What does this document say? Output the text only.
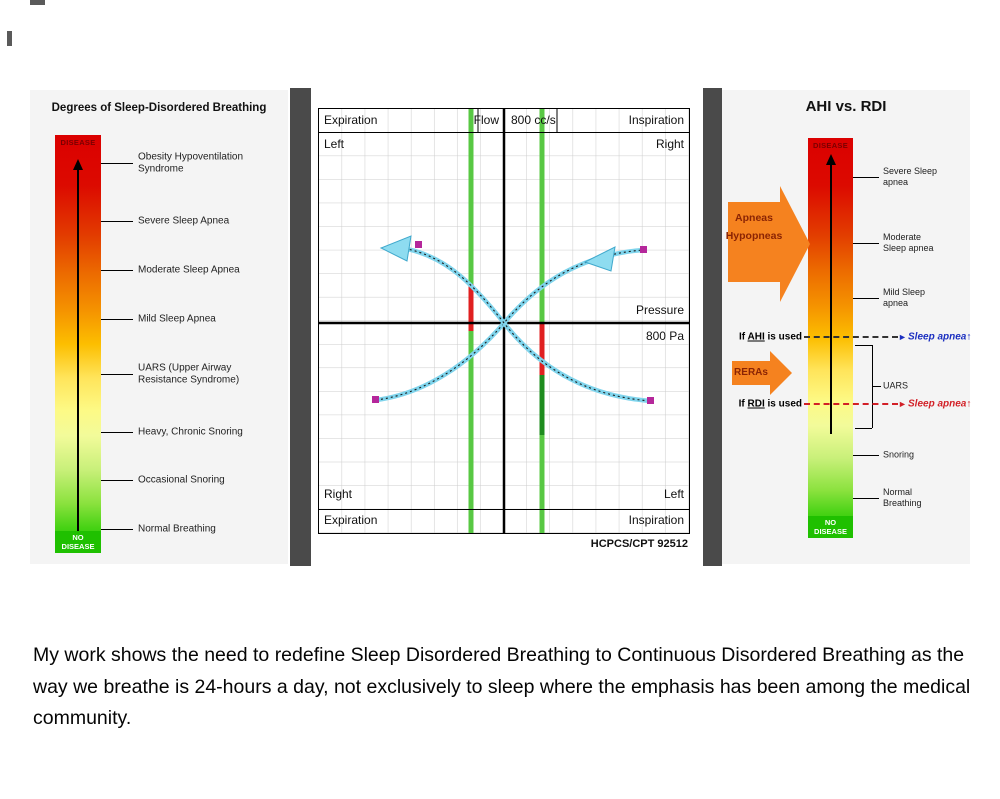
Degrees of Sleep-Disordered Breathing
DISEASE
NO DISEASE
Obesity Hypoventilation Syndrome
Severe Sleep Apnea
Moderate Sleep Apnea
Mild Sleep Apnea
UARS (Upper Airway Resistance Syndrome)
Heavy, Chronic Snoring
Occasional Snoring
Normal Breathing
Expiration	Flow 800 cc/s	Inspiration
Left	Right
Pressure
800 Pa
Right	Left
Expiration	Inspiration
HCPCS/CPT 92512
AHI vs. RDI
DISEASE
NO DISEASE
Apneas
Hypopneas
RERAs
Severe Sleep apnea
Moderate Sleep apnea
Mild Sleep apnea
UARS
Snoring
Normal Breathing
If AHI is used	► Sleep apnea↑
If RDI is used	► Sleep apnea↑
My work shows the need to redefine Sleep Disordered Breathing to Continuous Disordered Breathing as the way we breathe is 24-hours a day, not exclusively to sleep where the emphasis has been among the medical community.
